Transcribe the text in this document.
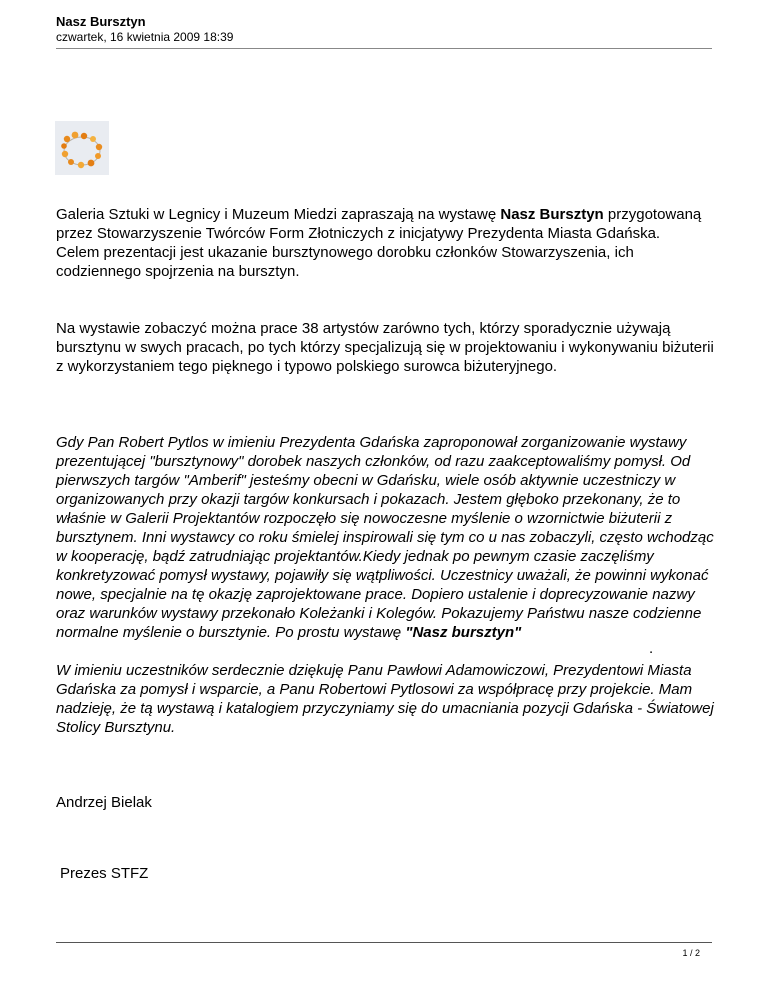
Nasz Bursztyn
czwartek, 16 kwietnia 2009 18:39

Galeria Sztuki w Legnicy i Muzeum Miedzi zapraszają na wystawę Nasz Bursztyn przygotowaną przez Stowarzyszenie Twórców Form Złotniczych z inicjatywy Prezydenta Miasta Gdańska.

Celem prezentacji jest ukazanie bursztynowego dorobku członków Stowarzyszenia, ich codziennego spojrzenia na bursztyn.

Na wystawie zobaczyć można prace 38 artystów zarówno tych, którzy sporadycznie używają bursztynu w swych pracach, po tych którzy specjalizują się w projektowaniu i wykonywaniu biżuterii z wykorzystaniem tego pięknego i typowo polskiego surowca biżuteryjnego.

Gdy Pan Robert Pytlos w imieniu Prezydenta Gdańska zaproponował zorganizowanie wystawy prezentującej "bursztynowy" dorobek naszych członków, od razu zaakceptowaliśmy pomysł. Od pierwszych targów "Amberif" jesteśmy obecni w Gdańsku, wiele osób aktywnie uczestniczy w organizowanych przy okazji targów konkursach i pokazach. Jestem głęboko przekonany, że to właśnie w Galerii Projektantów rozpoczęło się nowoczesne myślenie o wzornictwie biżuterii z bursztynem. Inni wystawcy co roku śmielej inspirowali się tym co u nas zobaczyli, często wchodząc w kooperację, bądź zatrudniając projektantów.Kiedy jednak po pewnym czasie zaczęliśmy konkretyzować pomysł wystawy, pojawiły się wątpliwości. Uczestnicy uważali, że powinni wykonać nowe, specjalnie na tę okazję zaprojektowane prace. Dopiero ustalenie i doprecyzowanie nazwy oraz warunków wystawy przekonało Koleżanki i Kolegów. Pokazujemy Państwu nasze codzienne normalne myślenie o bursztynie. Po prostu wystawę "Nasz bursztyn"

W imieniu uczestników serdecznie dziękuję Panu Pawłowi Adamowiczowi, Prezydentowi Miasta Gdańska za pomysł i wsparcie, a Panu Robertowi Pytlosowi za współpracę przy projekcie. Mam nadzieję, że tą wystawą i katalogiem przyczyniamy się do umacniania pozycji Gdańska - Światowej Stolicy Bursztynu.

.
Andrzej Bielak
Prezes STFZ
1 / 2
